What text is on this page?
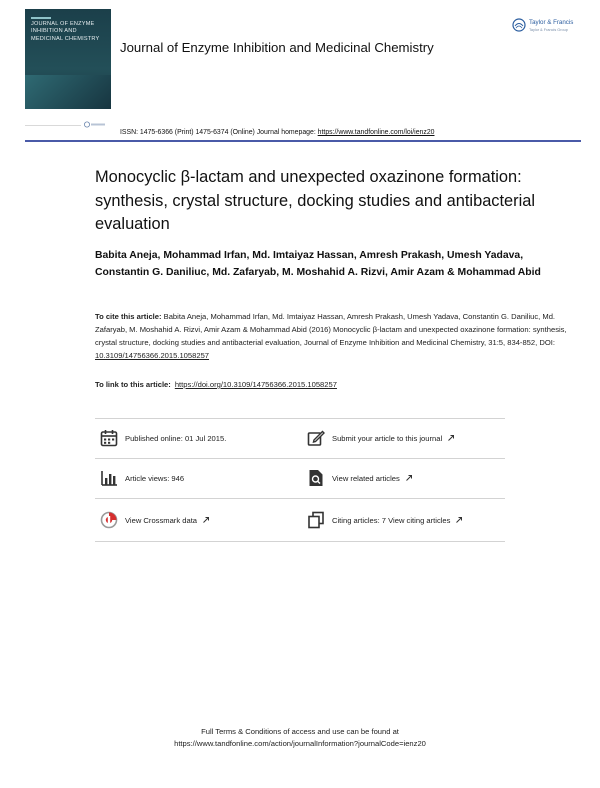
JOURNAL OF ENZYME INHIBITION AND MEDICINAL CHEMISTRY
Journal of Enzyme Inhibition and Medicinal Chemistry
Taylor & Francis
Taylor & Francis Group
ISSN: 1475-6366 (Print) 1475-6374 (Online) Journal homepage: https://www.tandfonline.com/loi/ienz20
Monocyclic β-lactam and unexpected oxazinone formation: synthesis, crystal structure, docking studies and antibacterial evaluation
Babita Aneja, Mohammad Irfan, Md. Imtaiyaz Hassan, Amresh Prakash, Umesh Yadava, Constantin G. Daniliuc, Md. Zafaryab, M. Moshahid A. Rizvi, Amir Azam & Mohammad Abid
To cite this article: Babita Aneja, Mohammad Irfan, Md. Imtaiyaz Hassan, Amresh Prakash, Umesh Yadava, Constantin G. Daniliuc, Md. Zafaryab, M. Moshahid A. Rizvi, Amir Azam & Mohammad Abid (2016) Monocyclic β-lactam and unexpected oxazinone formation: synthesis, crystal structure, docking studies and antibacterial evaluation, Journal of Enzyme Inhibition and Medicinal Chemistry, 31:5, 834-852, DOI: 10.3109/14756366.2015.1058257
To link to this article: https://doi.org/10.3109/14756366.2015.1058257
Published online: 01 Jul 2015.	Submit your article to this journal
Article views: 946	View related articles
View Crossmark data	Citing articles: 7 View citing articles
Full Terms & Conditions of access and use can be found at
https://www.tandfonline.com/action/journalInformation?journalCode=ienz20
